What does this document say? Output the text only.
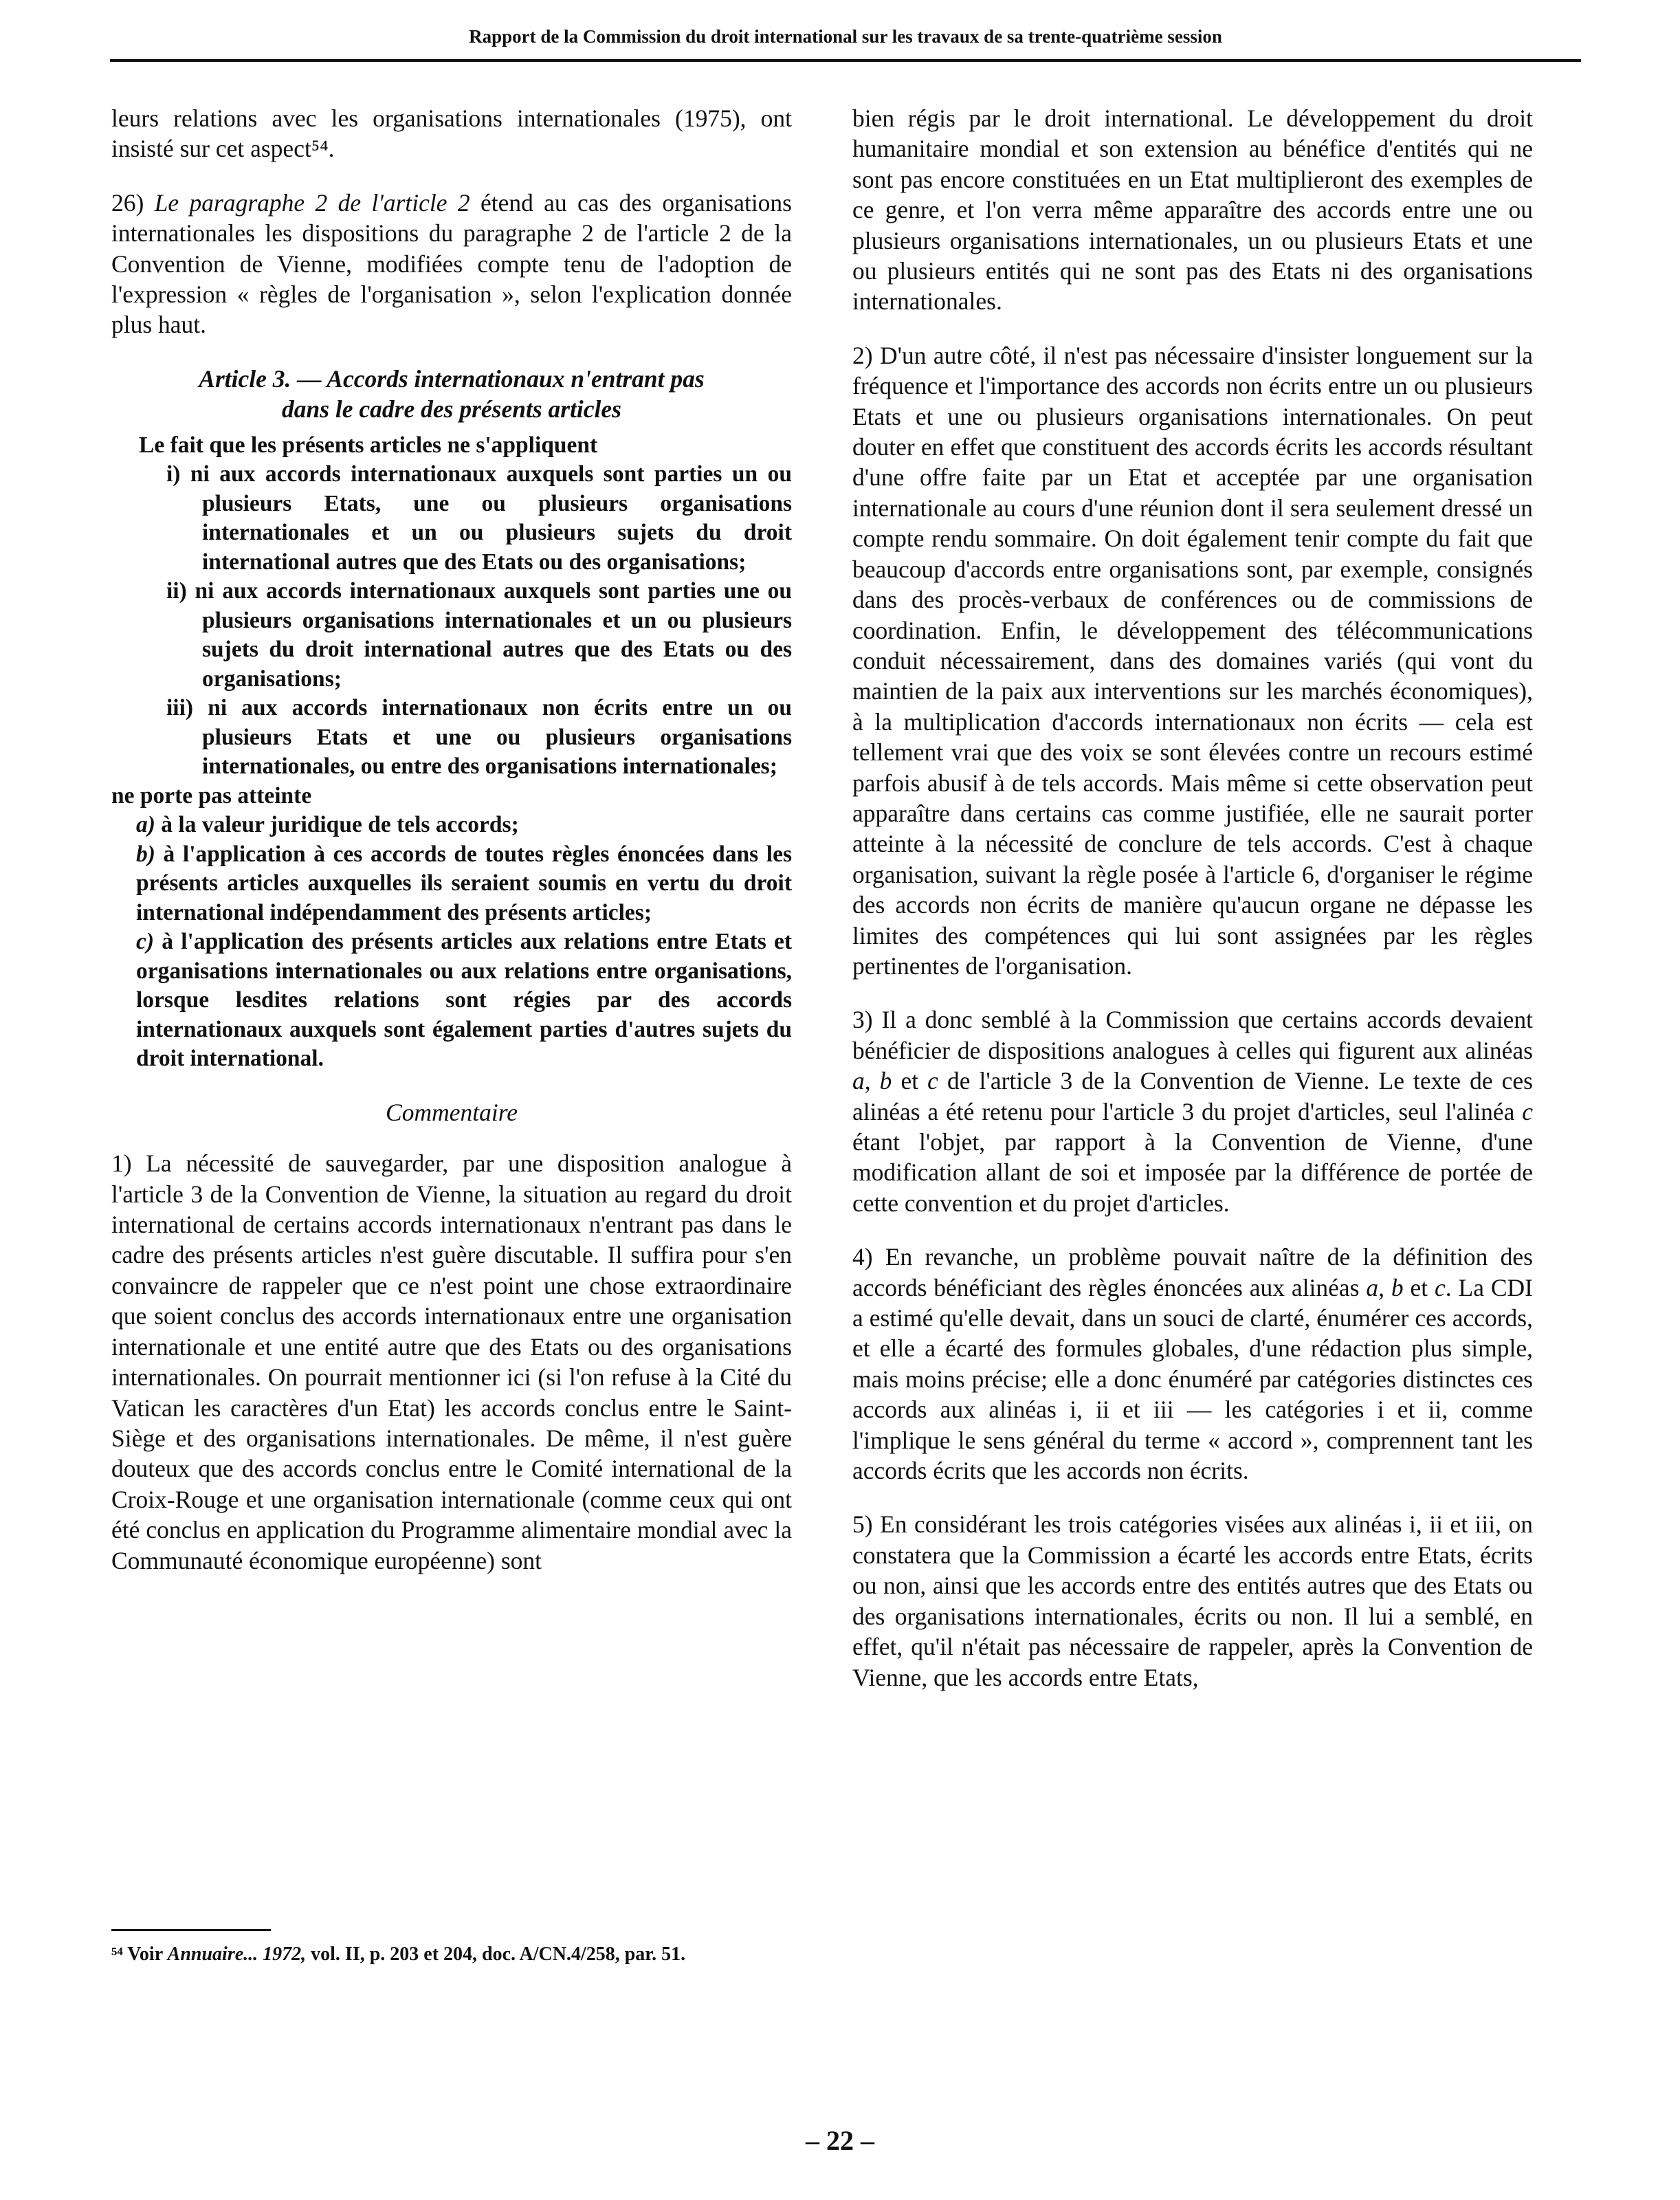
Rapport de la Commission du droit international sur les travaux de sa trente-quatrième session

leurs relations avec les organisations internationales (1975), ont insisté sur cet aspect⁵⁴.

26) Le paragraphe 2 de l'article 2 étend au cas des organisations internationales les dispositions du paragraphe 2 de l'article 2 de la Convention de Vienne, modifiées compte tenu de l'adoption de l'expression « règles de l'organisation », selon l'explication donnée plus haut.

Article 3. — Accords internationaux n'entrant pas
dans le cadre des présents articles

Le fait que les présents articles ne s'appliquent

i) ni aux accords internationaux auxquels sont parties un ou plusieurs Etats, une ou plusieurs organisations internationales et un ou plusieurs sujets du droit international autres que des Etats ou des organisations;

ii) ni aux accords internationaux auxquels sont parties une ou plusieurs organisations internationales et un ou plusieurs sujets du droit international autres que des Etats ou des organisations;

iii) ni aux accords internationaux non écrits entre un ou plusieurs Etats et une ou plusieurs organisations internationales, ou entre des organisations internationales;

ne porte pas atteinte

a) à la valeur juridique de tels accords;

b) à l'application à ces accords de toutes règles énoncées dans les présents articles auxquelles ils seraient soumis en vertu du droit international indépendamment des présents articles;

c) à l'application des présents articles aux relations entre Etats et organisations internationales ou aux relations entre organisations, lorsque lesdites relations sont régies par des accords internationaux auxquels sont également parties d'autres sujets du droit international.

Commentaire

1) La nécessité de sauvegarder, par une disposition analogue à l'article 3 de la Convention de Vienne, la situation au regard du droit international de certains accords internationaux n'entrant pas dans le cadre des présents articles n'est guère discutable. Il suffira pour s'en convaincre de rappeler que ce n'est point une chose extraordinaire que soient conclus des accords internationaux entre une organisation internationale et une entité autre que des Etats ou des organisations internationales. On pourrait mentionner ici (si l'on refuse à la Cité du Vatican les caractères d'un Etat) les accords conclus entre le Saint-Siège et des organisations internationales. De même, il n'est guère douteux que des accords conclus entre le Comité international de la Croix-Rouge et une organisation internationale (comme ceux qui ont été conclus en application du Programme alimentaire mondial avec la Communauté économique européenne) sont

bien régis par le droit international. Le développement du droit humanitaire mondial et son extension au bénéfice d'entités qui ne sont pas encore constituées en un Etat multiplieront des exemples de ce genre, et l'on verra même apparaître des accords entre une ou plusieurs organisations internationales, un ou plusieurs Etats et une ou plusieurs entités qui ne sont pas des Etats ni des organisations internationales.

2) D'un autre côté, il n'est pas nécessaire d'insister longuement sur la fréquence et l'importance des accords non écrits entre un ou plusieurs Etats et une ou plusieurs organisations internationales. On peut douter en effet que constituent des accords écrits les accords résultant d'une offre faite par un Etat et acceptée par une organisation internationale au cours d'une réunion dont il sera seulement dressé un compte rendu sommaire. On doit également tenir compte du fait que beaucoup d'accords entre organisations sont, par exemple, consignés dans des procès-verbaux de conférences ou de commissions de coordination. Enfin, le développement des télécommunications conduit nécessairement, dans des domaines variés (qui vont du maintien de la paix aux interventions sur les marchés économiques), à la multiplication d'accords internationaux non écrits — cela est tellement vrai que des voix se sont élevées contre un recours estimé parfois abusif à de tels accords. Mais même si cette observation peut apparaître dans certains cas comme justifiée, elle ne saurait porter atteinte à la nécessité de conclure de tels accords. C'est à chaque organisation, suivant la règle posée à l'article 6, d'organiser le régime des accords non écrits de manière qu'aucun organe ne dépasse les limites des compétences qui lui sont assignées par les règles pertinentes de l'organisation.

3) Il a donc semblé à la Commission que certains accords devaient bénéficier de dispositions analogues à celles qui figurent aux alinéas a, b et c de l'article 3 de la Convention de Vienne. Le texte de ces alinéas a été retenu pour l'article 3 du projet d'articles, seul l'alinéa c étant l'objet, par rapport à la Convention de Vienne, d'une modification allant de soi et imposée par la différence de portée de cette convention et du projet d'articles.

4) En revanche, un problème pouvait naître de la définition des accords bénéficiant des règles énoncées aux alinéas a, b et c. La CDI a estimé qu'elle devait, dans un souci de clarté, énumérer ces accords, et elle a écarté des formules globales, d'une rédaction plus simple, mais moins précise; elle a donc énuméré par catégories distinctes ces accords aux alinéas i, ii et iii — les catégories i et ii, comme l'implique le sens général du terme « accord », comprennent tant les accords écrits que les accords non écrits.

5) En considérant les trois catégories visées aux alinéas i, ii et iii, on constatera que la Commission a écarté les accords entre Etats, écrits ou non, ainsi que les accords entre des entités autres que des Etats ou des organisations internationales, écrits ou non. Il lui a semblé, en effet, qu'il n'était pas nécessaire de rappeler, après la Convention de Vienne, que les accords entre Etats,

⁵⁴ Voir Annuaire... 1972, vol. II, p. 203 et 204, doc. A/CN.4/258, par. 51.

– 22 –
